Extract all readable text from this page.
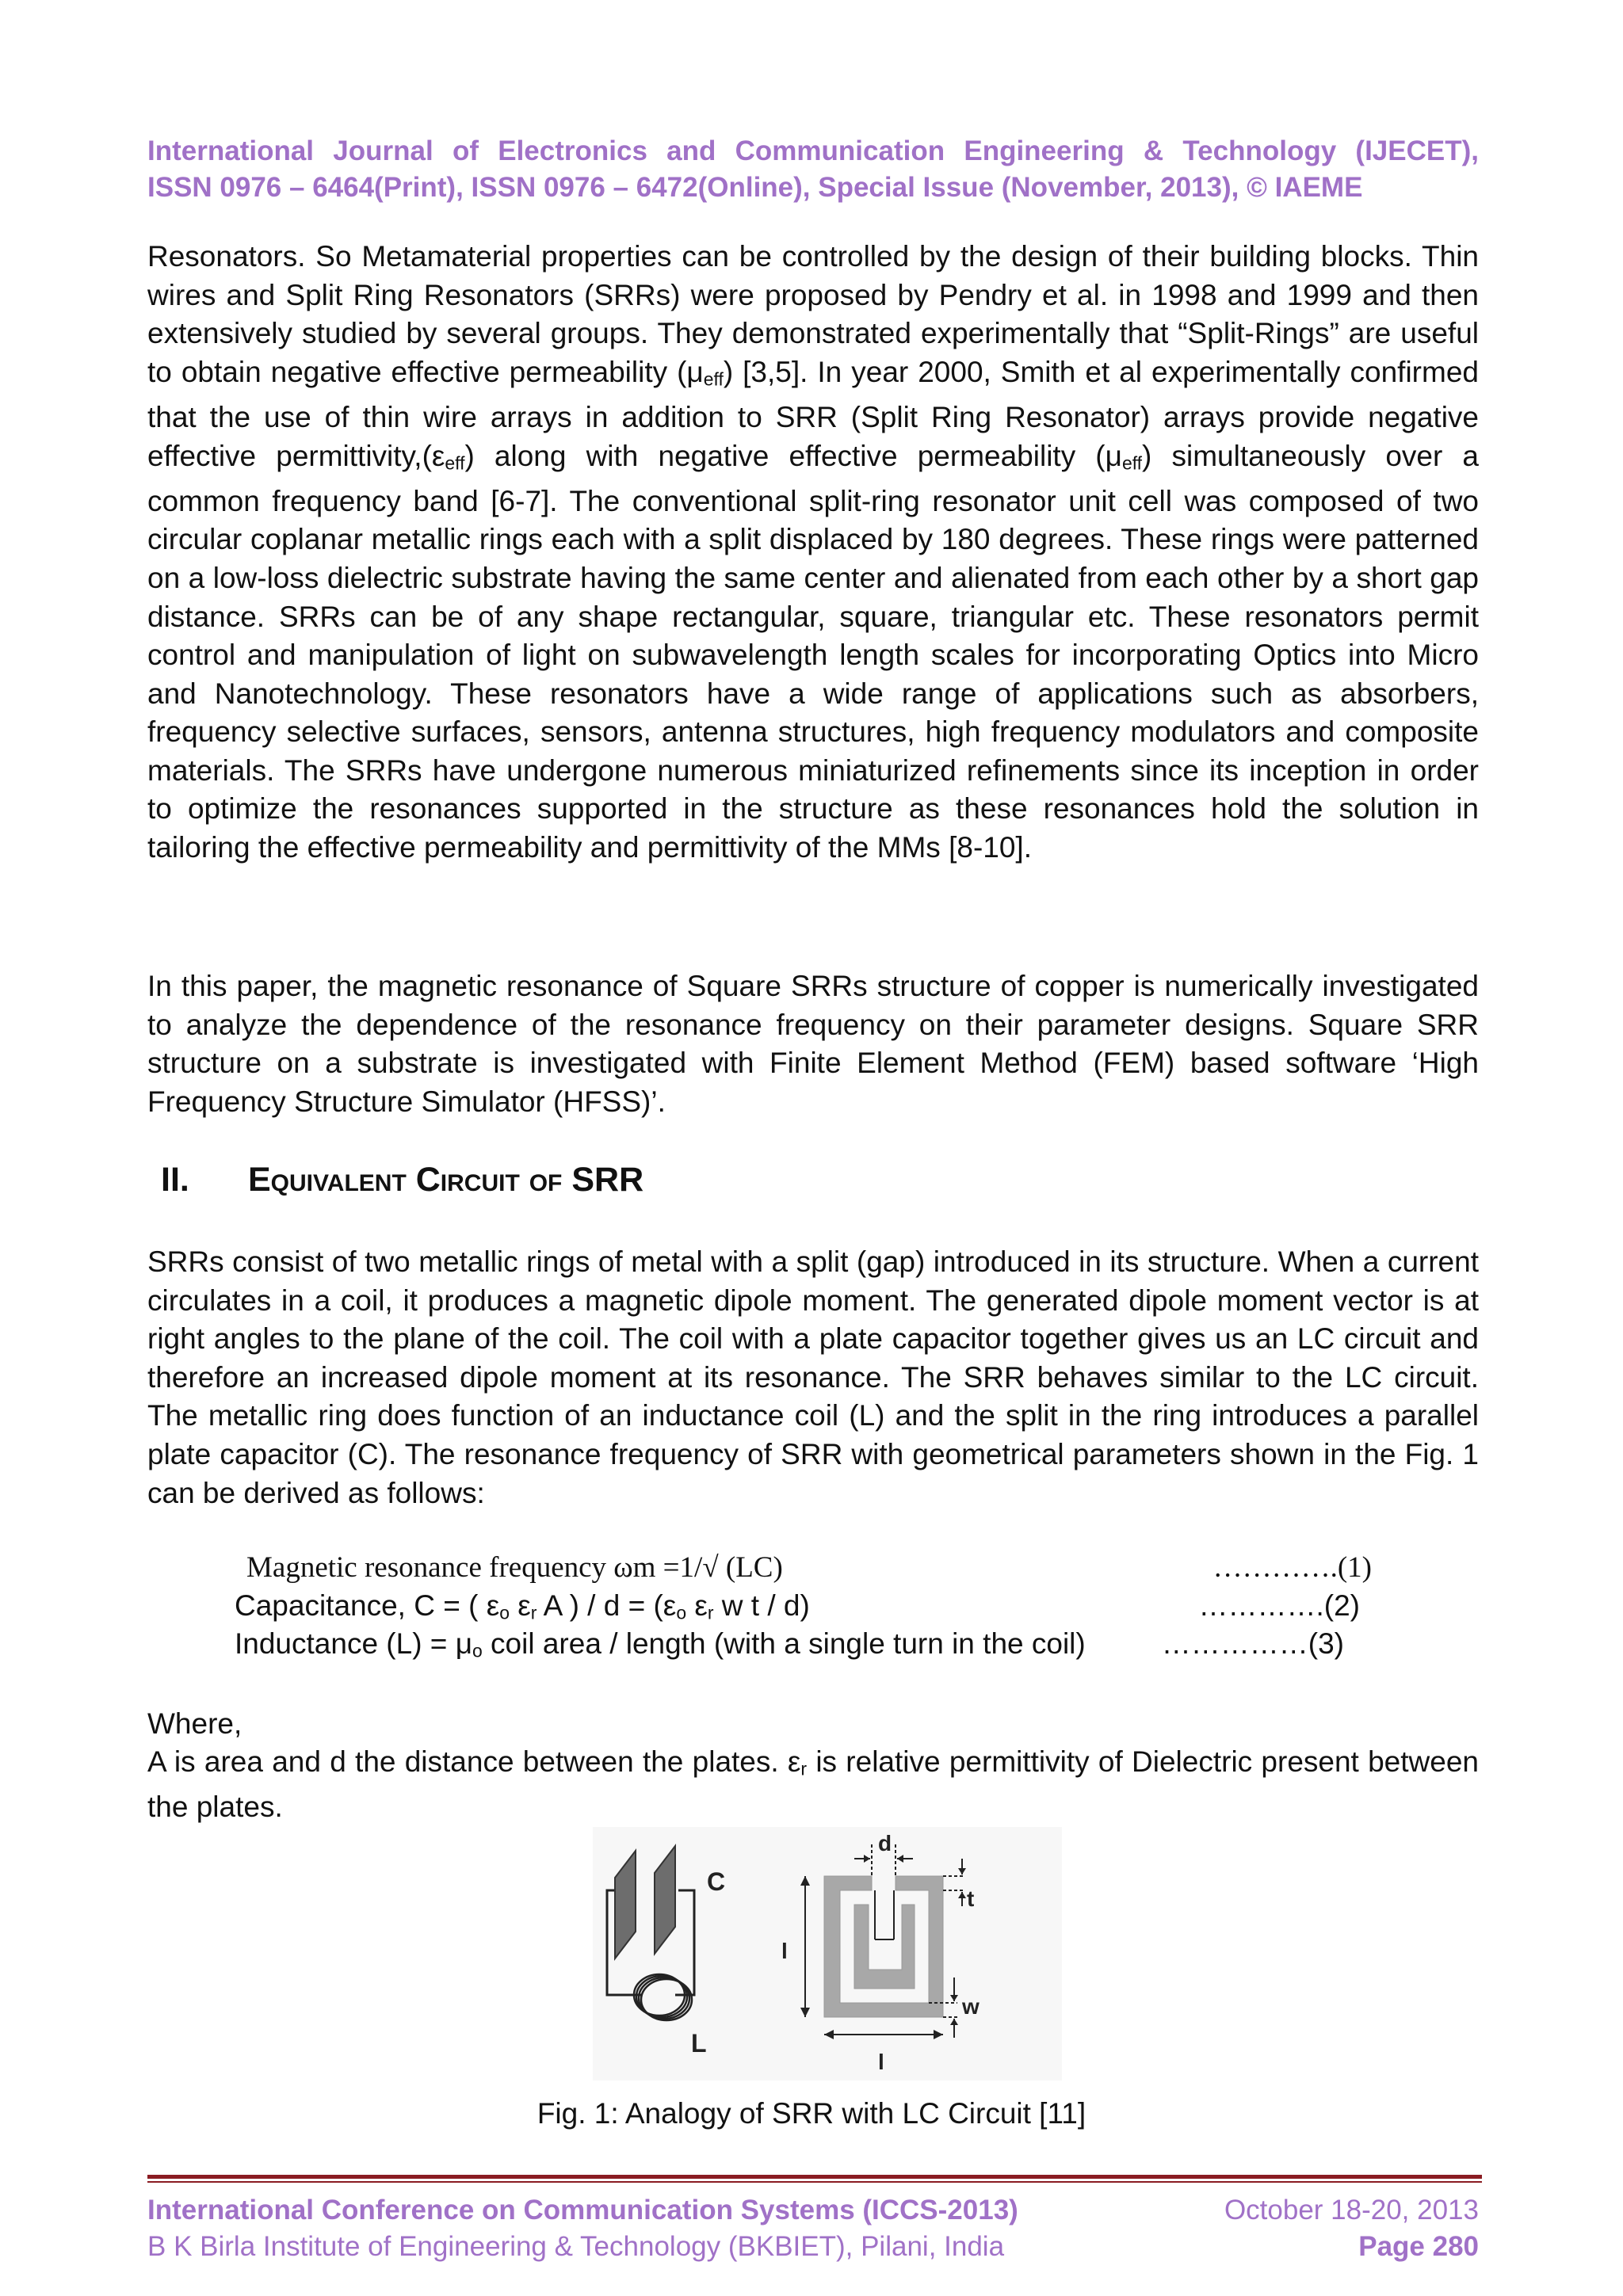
International Journal of Electronics and Communication Engineering & Technology (IJECET),
ISSN 0976 – 6464(Print), ISSN 0976 – 6472(Online), Special Issue (November, 2013), © IAEME
Resonators. So Metamaterial properties can be controlled by the design of their building blocks. Thin wires and Split Ring Resonators (SRRs) were proposed by Pendry et al. in 1998 and 1999 and then extensively studied by several groups. They demonstrated experimentally that “Split-Rings” are useful to obtain negative effective permeability $(\mu_{eff})$ [3,5]. In year 2000, Smith et al experimentally confirmed that the use of thin wire arrays in addition to SRR (Split Ring Resonator) arrays provide negative effective $permittivity,(\varepsilon_{eff})$ along with negative effective permeability $(\mu_{eff})$ simultaneously over a common frequency band [6-7]. The conventional split-ring resonator unit cell was composed of two circular coplanar metallic rings each with a split displaced by 180 degrees. These rings were patterned on a low-loss dielectric substrate having the same center and alienated from each other by a short gap distance. SRRs can be of any shape rectangular, square, triangular etc. These resonators permit control and manipulation of light on subwavelength length scales for incorporating Optics into Micro and Nanotechnology. These resonators have a wide range of applications such as absorbers, frequency selective surfaces, sensors, antenna structures, high frequency modulators and composite materials. The SRRs have undergone numerous miniaturized refinements since its inception in order to optimize the resonances supported in the structure as these resonances hold the solution in tailoring the effective permeability and permittivity of the MMs [8-10].
In this paper, the magnetic resonance of Square SRRs structure of copper is numerically investigated to analyze the dependence of the resonance frequency on their parameter designs. Square SRR structure on a substrate is investigated with Finite Element Method (FEM) based software ‘High Frequency Structure Simulator (HFSS)’.
II. Equivalent Circuit of SRR
SRRs consist of two metallic rings of metal with a split (gap) introduced in its structure. When a current circulates in a coil, it produces a magnetic dipole moment. The generated dipole moment vector is at right angles to the plane of the coil. The coil with a plate capacitor together gives us an LC circuit and therefore an increased dipole moment at its resonance. The SRR behaves similar to the LC circuit. The metallic ring does function of an inductance coil (L) and the split in the ring introduces a parallel plate capacitor (C). The resonance frequency of SRR with geometrical parameters shown in the Fig. 1 can be derived as follows:
Magnetic resonance frequency ωm =1/√ (LC)	………….(1)
Capacitance, C = ( $\varepsilon_o$ $\varepsilon_r$ A ) / $d = (\varepsilon_o$ $\varepsilon_r$ w t / d)	………….(2)
Inductance $(L) = \mu_o$ coil area / length (with a single turn in the coil)	……………(3)
Where,
A is area and d the distance between the plates. $\varepsilon_r$ is relative permittivity of Dielectric present between the plates.
C
L
d
t
l
w
l
Fig. 1: Analogy of SRR with LC Circuit [11]
International Conference on Communication Systems (ICCS-2013)
B K Birla Institute of Engineering & Technology (BKBIET), Pilani, India
October 18-20, 2013
Page 280
